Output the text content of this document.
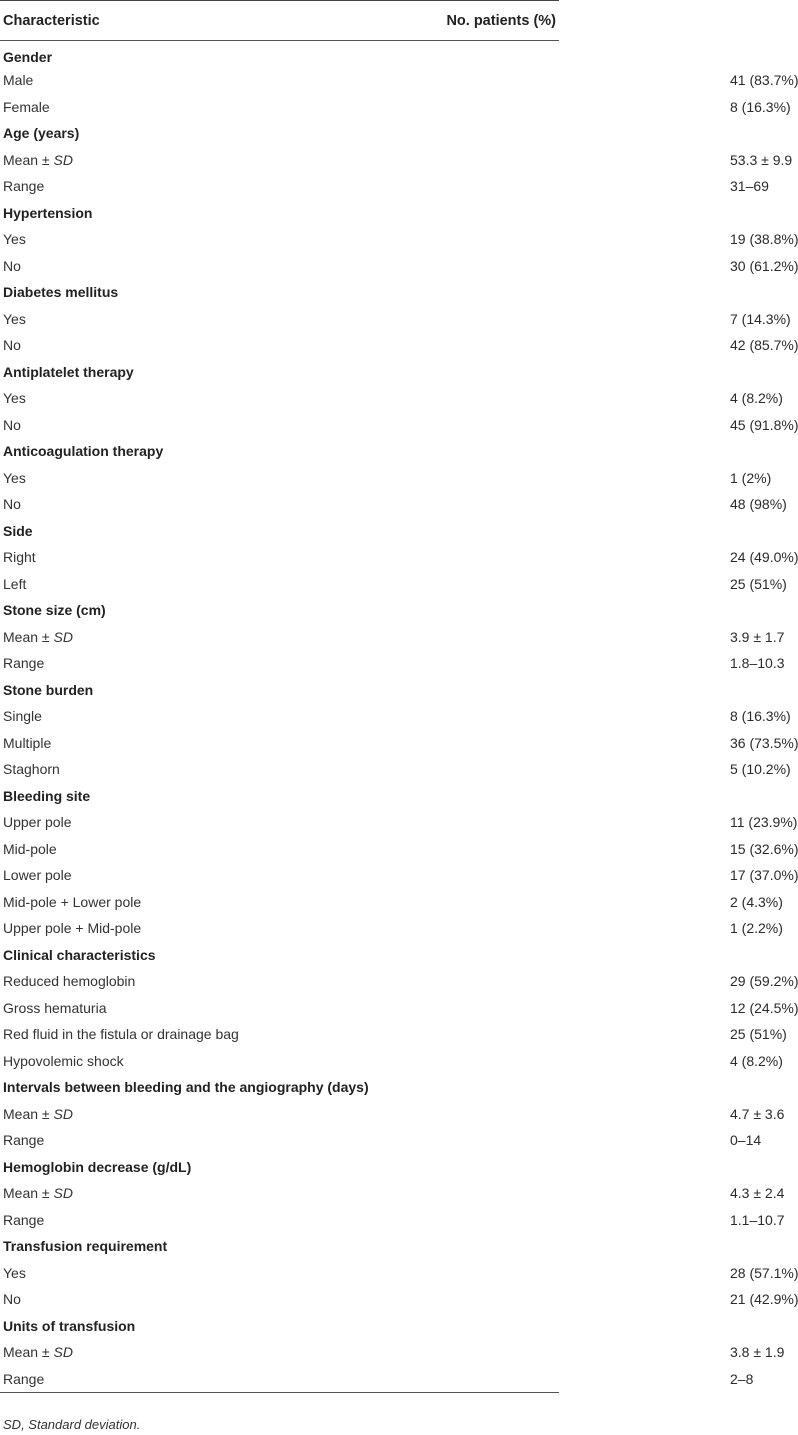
Characteristic	No. patients (%)
Gender	
Male	41 (83.7%)
Female	8 (16.3%)
Age (years)	
Mean ± SD	53.3 ± 9.9
Range	31–69
Hypertension	
Yes	19 (38.8%)
No	30 (61.2%)
Diabetes mellitus	
Yes	7 (14.3%)
No	42 (85.7%)
Antiplatelet therapy	
Yes	4 (8.2%)
No	45 (91.8%)
Anticoagulation therapy	
Yes	1 (2%)
No	48 (98%)
Side	
Right	24 (49.0%)
Left	25 (51%)
Stone size (cm)	
Mean ± SD	3.9 ± 1.7
Range	1.8–10.3
Stone burden	
Single	8 (16.3%)
Multiple	36 (73.5%)
Staghorn	5 (10.2%)
Bleeding site	
Upper pole	11 (23.9%)
Mid-pole	15 (32.6%)
Lower pole	17 (37.0%)
Mid-pole + Lower pole	2 (4.3%)
Upper pole + Mid-pole	1 (2.2%)
Clinical characteristics	
Reduced hemoglobin	29 (59.2%)
Gross hematuria	12 (24.5%)
Red fluid in the fistula or drainage bag	25 (51%)
Hypovolemic shock	4 (8.2%)
Intervals between bleeding and the angiography (days)	
Mean ± SD	4.7 ± 3.6
Range	0–14
Hemoglobin decrease (g/dL)	
Mean ± SD	4.3 ± 2.4
Range	1.1–10.7
Transfusion requirement	
Yes	28 (57.1%)
No	21 (42.9%)
Units of transfusion	
Mean ± SD	3.8 ± 1.9
Range	2–8
SD, Standard deviation.
